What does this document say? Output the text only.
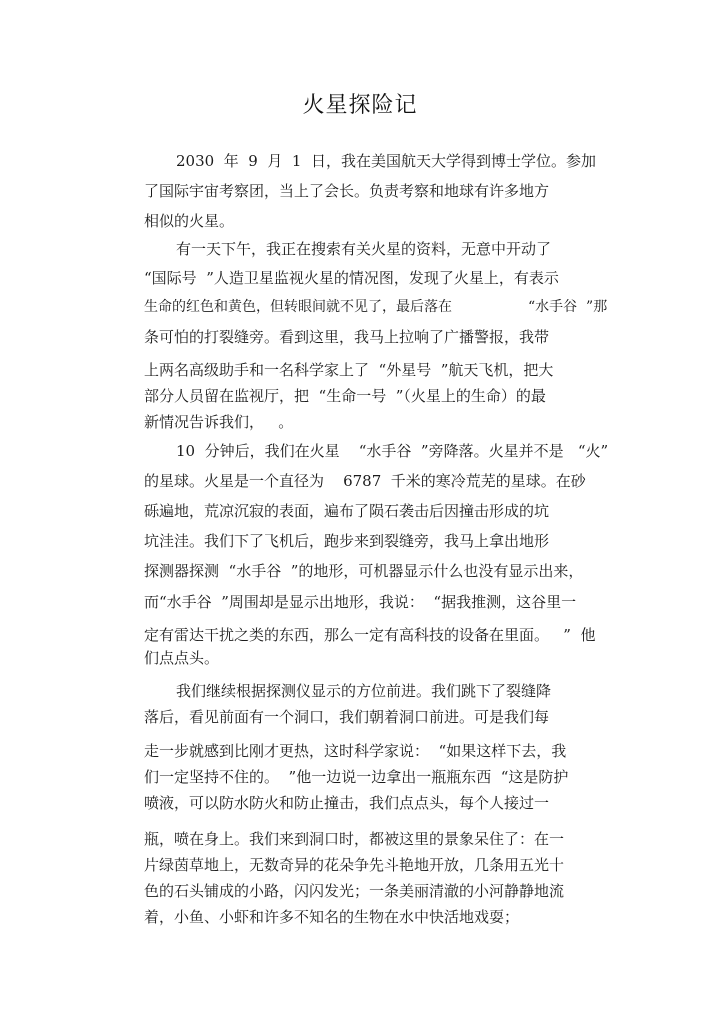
火星探险记
2030  年  9  月  1  日，我在美国航天大学得到博士学位。参加
了国际宇宙考察团，当上了会长。负责考察和地球有许多地方
相似的火星。
有一天下午，我正在搜索有关火星的资料，无意中开动了
“国际号  ”人造卫星监视火星的情况图，发现了火星上，有表示
生命的红色和黄色，但转眼间就不见了，最后落在	“水手谷  ”那
条可怕的打裂缝旁。看到这里，我马上拉响了广播警报，我带
上两名高级助手和一名科学家上了  “外星号  ”航天飞机，把大
部分人员留在监视厅，把  “生命一号  ”（火星上的生命）的最
新情况告诉我们，   。
10  分钟后，我们在火星    “水手谷  ”旁降落。火星并不是   “火”
的星球。火星是一个直径为    6787  千米的寒冷荒芜的星球。在砂
砾遍地，荒凉沉寂的表面，遍布了陨石袭击后因撞击形成的坑
坑洼洼。我们下了飞机后，跑步来到裂缝旁，我马上拿出地形
探测器探测  “水手谷  ”的地形，可机器显示什么也没有显示出来，
而“水手谷  ”周围却是显示出地形，我说：  “据我推测，这谷里一
定有雷达干扰之类的东西，那么一定有高科技的设备在里面。   ”  他
们点点头。
我们继续根据探测仪显示的方位前进。我们跳下了裂缝降
落后，看见前面有一个洞口，我们朝着洞口前进。可是我们每
走一步就感到比刚才更热，这时科学家说：  “如果这样下去，我
们一定坚持不住的。  ”他一边说一边拿出一瓶瓶东西  “这是防护
喷液，可以防水防火和防止撞击，我们点点头，每个人接过一
瓶，喷在身上。我们来到洞口时，都被这里的景象呆住了：在一
片绿茵草地上，无数奇异的花朵争先斗艳地开放，几条用五光十
色的石头铺成的小路，闪闪发光；一条美丽清澈的小河静静地流
着，小鱼、小虾和许多不知名的生物在水中快活地戏耍；
